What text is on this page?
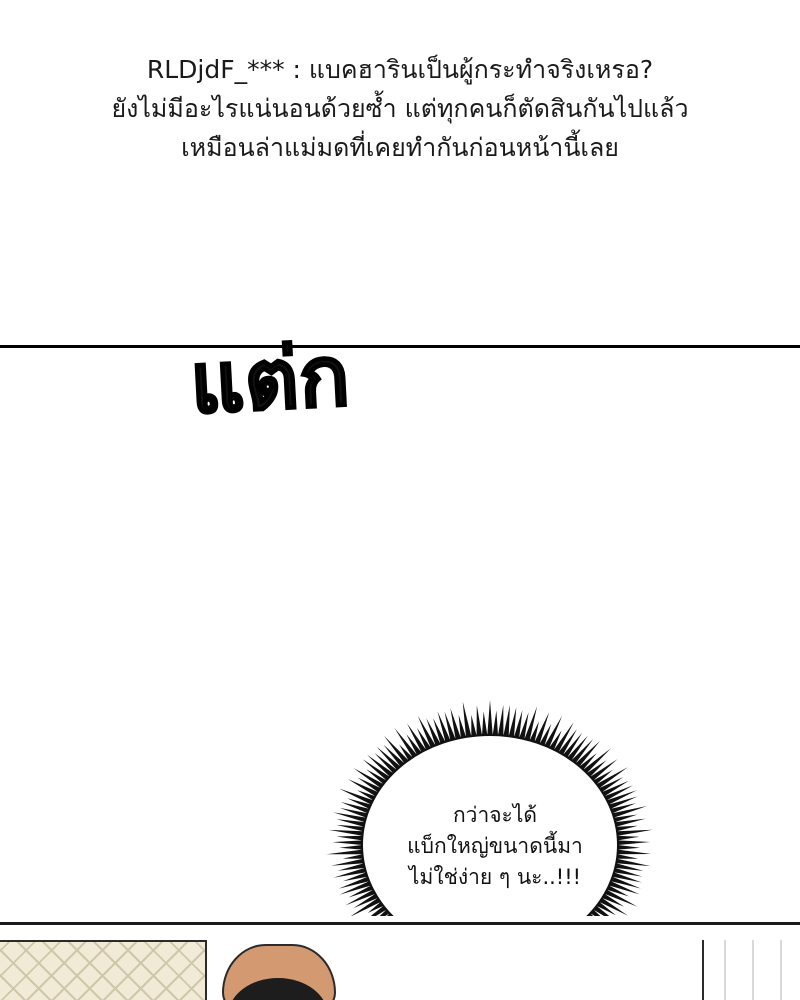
RLDjdF_*** : แบคฮารินเป็นผู้กระทำจริงเหรอ?
ยังไม่มีอะไรแน่นอนด้วยซ้ำ แต่ทุกคนก็ตัดสินกันไปแล้ว
เหมือนล่าแม่มดที่เคยทำกันก่อนหน้านี้เลย
แต่ก
กว่าจะได้
แบ็กใหญ่ขนาดนี้มา
ไม่ใช่ง่าย ๆ นะ..!!!
